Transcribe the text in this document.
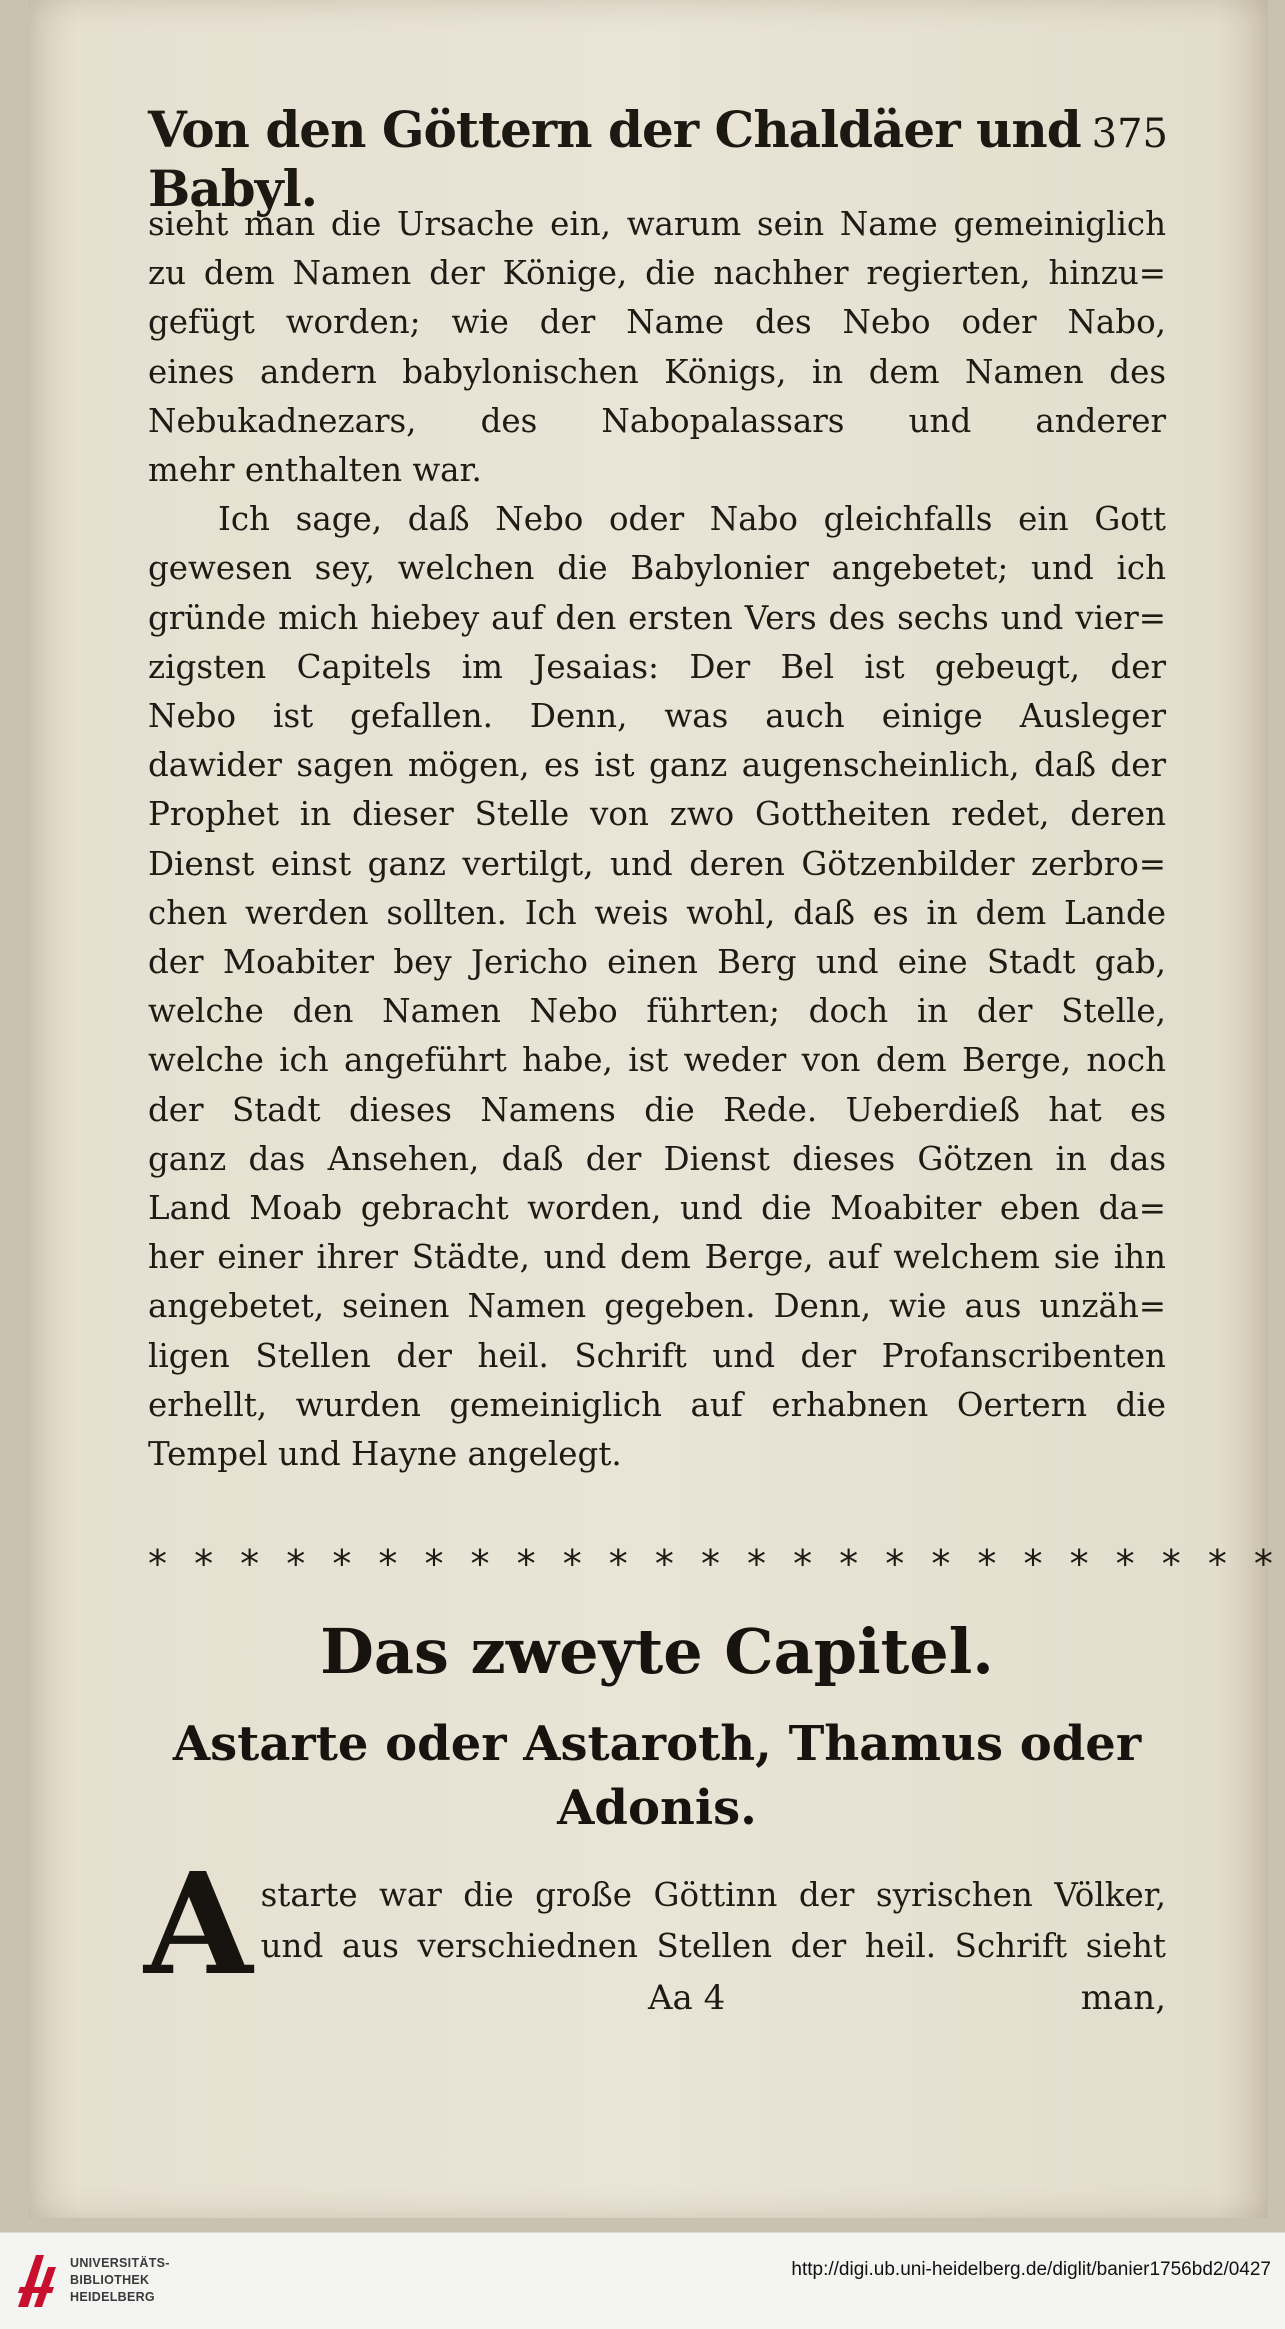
Von den Göttern der Chaldäer und Babyl.
375
sieht man die Ursache ein, warum sein Name gemeiniglich
zu dem Namen der Könige, die nachher regierten, hinzu=
gefügt worden; wie der Name des Nebo oder Nabo,
eines andern babylonischen Königs, in dem Namen des
Nebukadnezars, des Nabopalassars und anderer
mehr enthalten war.
Ich sage, daß Nebo oder Nabo gleichfalls ein Gott
gewesen sey, welchen die Babylonier angebetet; und ich
gründe mich hiebey auf den ersten Vers des sechs und vier=
zigsten Capitels im Jesaias: Der Bel ist gebeugt, der
Nebo ist gefallen. Denn, was auch einige Ausleger
dawider sagen mögen, es ist ganz augenscheinlich, daß der
Prophet in dieser Stelle von zwo Gottheiten redet, deren
Dienst einst ganz vertilgt, und deren Götzenbilder zerbro=
chen werden sollten. Ich weis wohl, daß es in dem Lande
der Moabiter bey Jericho einen Berg und eine Stadt gab,
welche den Namen Nebo führten; doch in der Stelle,
welche ich angeführt habe, ist weder von dem Berge, noch
der Stadt dieses Namens die Rede. Ueberdieß hat es
ganz das Ansehen, daß der Dienst dieses Götzen in das
Land Moab gebracht worden, und die Moabiter eben da=
her einer ihrer Städte, und dem Berge, auf welchem sie ihn
angebetet, seinen Namen gegeben. Denn, wie aus unzäh=
ligen Stellen der heil. Schrift und der Profanscribenten
erhellt, wurden gemeiniglich auf erhabnen Oertern die
Tempel und Hayne angelegt.
* * * * * * * * * * * * * * * * * * * * * * * * *
Das zweyte Capitel.
Astarte oder Astaroth, Thamus oder
Adonis.
A starte war die große Göttinn der syrischen Völker,
und aus verschiednen Stellen der heil. Schrift sieht
Aa 4	man,
UNIVERSITÄTS-
BIBLIOTHEK
HEIDELBERG
http://digi.ub.uni-heidelberg.de/diglit/banier1756bd2/0427
